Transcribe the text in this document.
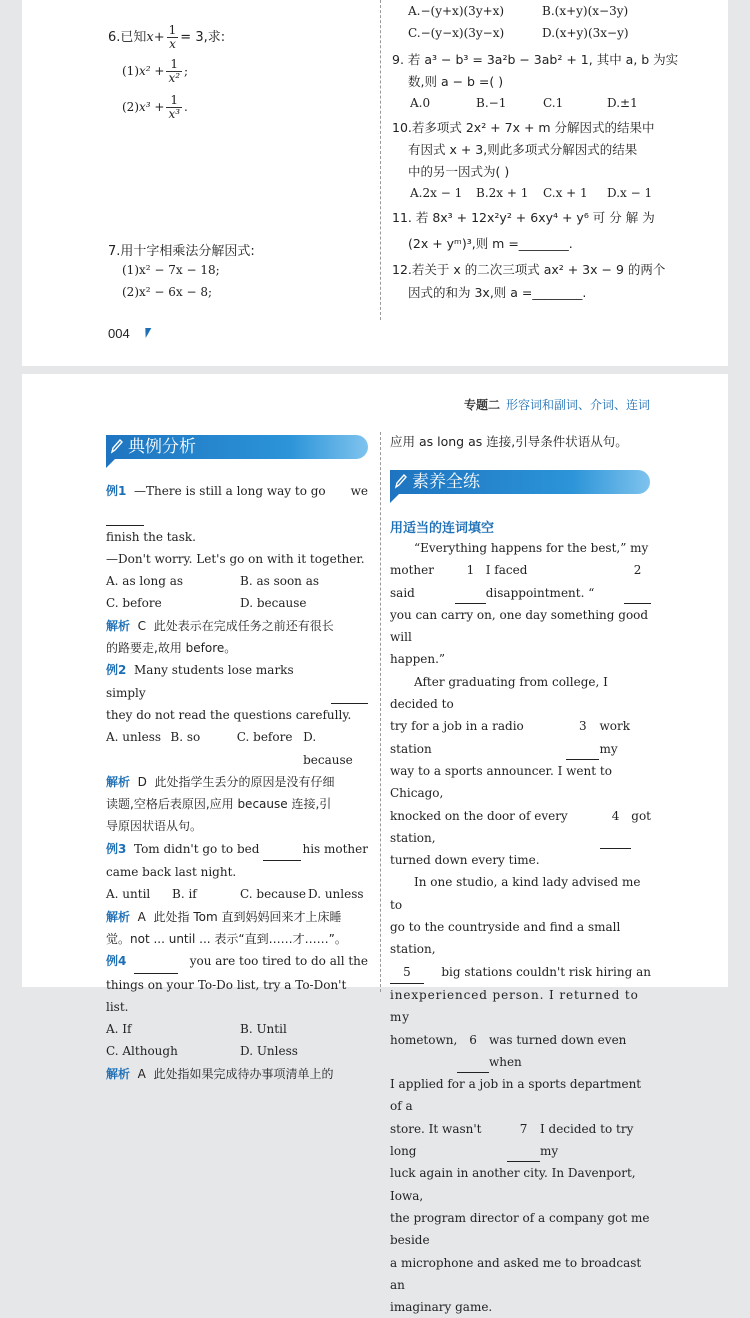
6.已知$x+ \frac{1}{x} = 3$,求:
$(1)x^2 + \frac{1}{\text{x²}}$ ;
$(2)x^3 + \frac{1}{\text{x³}}$ .
7.用十字相乘法分解因式:
(1)x² − 7x − 18;
(2)x² − 6x − 8;
A.−(y+x)(3y+x)	B.(x+y)(x−3y)
C.−(y−x)(3y−x)	D.(x+y)(3x−y)
9. 若 a³ − b³ = 3a²b − 3ab² + 1, 其中 a, b 为实
数,则 a − b =( )
A.0	B.−1	C.1	D.±1
10.若多项式 2x² + 7x + m 分解因式的结果中
有因式 x + 3,则此多项式分解因式的结果
中的另一因式为( )
A.2x − 1 B.2x + 1 C.x + 1 D.x − 1
11. 若 8x³ + 12x²y² + 6xy⁴ + y⁶ 可 分 解 为
(2x + yᵐ)³,则 m =________.
12.若关于 x 的二次三项式 ax² + 3x − 9 的两个
因式的和为 3x,则 a =________.
004
专题二 形容词和副词、介词、连词
典例分析

例1 —There is still a long way to go	we

finish the task.

—Don't worry. Let's go on with it together.

A. as long as	B. as soon as

C. before	D. because

解析 C 此处表示在完成任务之前还有很长

的路要走,故用 before。

例2 Many students lose marks simply

they do not read the questions carefully.

A. unless B. so	C. before D. because

解析 D 此处指学生丢分的原因是没有仔细

读题,空格后表原因,应用 because 连接,引

导原因状语从句。

例3 Tom didn't go to bed	his mother

came back last night.

A. until	B. if	C. because D. unless

解析 A 此处指 Tom 直到妈妈回来才上床睡

觉。not ... until ... 表示“直到……才……”。

例4	you are too tired to do all the

things on your To-Do list, try a To-Don't list.

A. If	B. Until

C. Although	D. Unless

解析 A 此处指如果完成待办事项清单上的

应用 as long as 连接,引导条件状语从句。
素养全练
用适当的连词填空

“Everything happens for the best,” my

mother said
1 I faced disappointment. “
2

you can carry on, one day something good will

happen.”

After graduating from college, I decided to

try for a job in a radio station
3	work my

way to a sports announcer. I went to Chicago,

knocked on the door of every station,
4 got

turned down every time.

In one studio, a kind lady advised me to

go to the countryside and find a small station,

5	big stations couldn't risk hiring an

inexperienced person. I returned to my

hometown,	6	was turned down even when

I applied for a job in a sports department of a

store. It wasn't long
7	I decided to try my

luck again in another city. In Davenport, Iowa,

the program director of a company got me beside

a microphone and asked me to broadcast an

imaginary game.
